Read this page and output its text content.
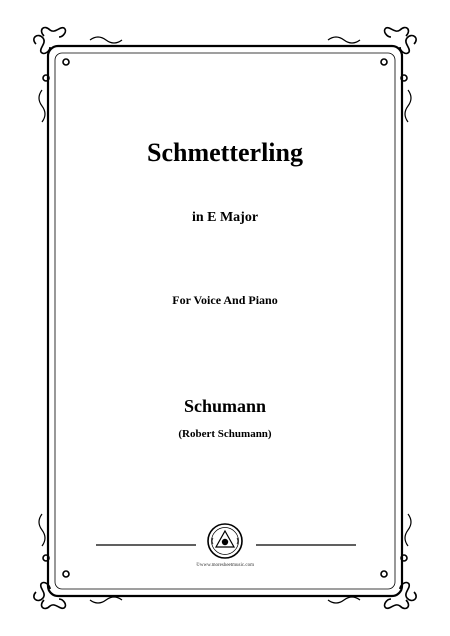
Schmetterling
in E Major
For Voice And Piano
Schumann
(Robert Schumann)
©www.moresheetmusic.com
